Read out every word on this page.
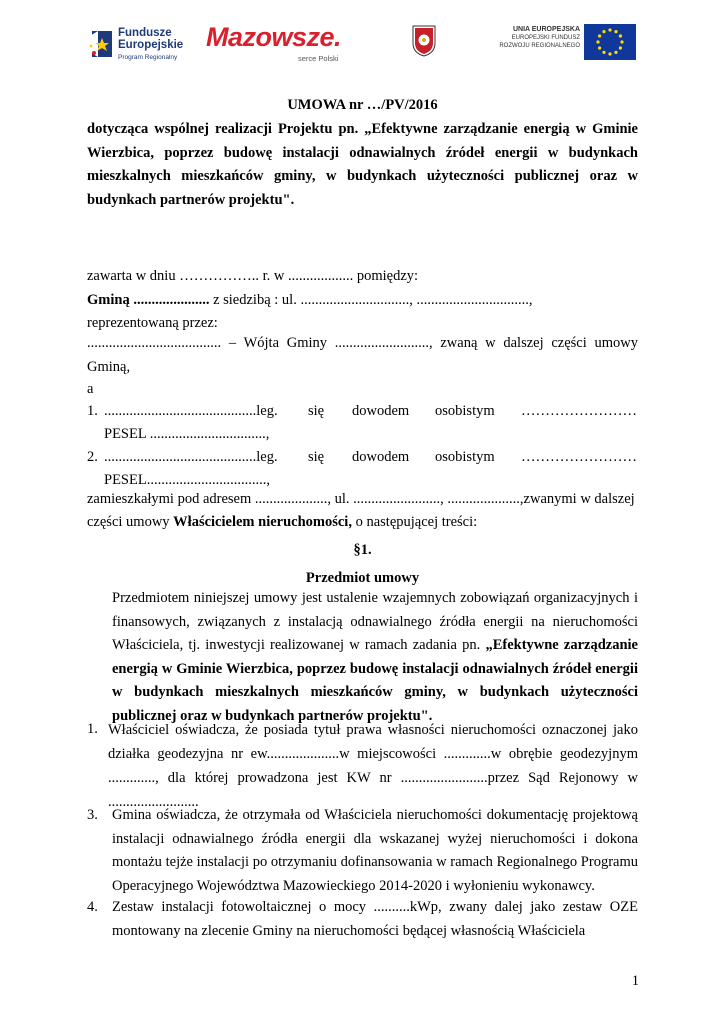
Fundusze
Europejskie
Program Regionalny
Mazowsze.
serce Polski
UNIA EUROPEJSKA
EUROPEJSKI FUNDUSZ
ROZWOJU REGIONALNEGO

UMOWA nr …/PV/2016

dotycząca wspólnej realizacji Projektu pn. „Efektywne zarządzanie energią w Gminie Wierzbica, poprzez budowę instalacji odnawialnych źródeł energii w budynkach mieszkalnych mieszkańców gminy, w budynkach użyteczności publicznej oraz w budynkach partnerów projektu".

zawarta w dniu …………….. r. w .................. pomiędzy:

Gminą ..................... z siedzibą : ul. .............................., ...............................,

reprezentowaną przez:

..................................... – Wójta Gminy .........................., zwaną w dalszej części umowy Gminą,

a

1. ..........................................leg. się dowodem osobistym ……………………
PESEL ................................,
2. ..........................................leg. się dowodem osobistym ……………………
PESEL.................................,

zamieszkałymi pod adresem ...................., ul. ........................, ....................,zwanymi w dalszej

części umowy Właścicielem nieruchomości, o następującej treści:

§1.

Przedmiot umowy

Przedmiotem niniejszej umowy jest ustalenie wzajemnych zobowiązań organizacyjnych i finansowych, związanych z instalacją odnawialnego źródła energii na nieruchomości Właściciela, tj. inwestycji realizowanej w ramach zadania pn. „Efektywne zarządzanie energią w Gminie Wierzbica, poprzez budowę instalacji odnawialnych źródeł energii w budynkach mieszkalnych mieszkańców gminy, w budynkach użyteczności publicznej oraz w budynkach partnerów projektu".

1. Właściciel oświadcza, że posiada tytuł prawa własności nieruchomości oznaczonej jako działka geodezyjna nr ew....................w miejscowości .............w obrębie geodezyjnym ............., dla której prowadzona jest KW nr ........................przez Sąd Rejonowy w .........................

3. Gmina oświadcza, że otrzymała od Właściciela nieruchomości dokumentację projektową instalacji odnawialnego źródła energii dla wskazanej wyżej nieruchomości i dokona montażu tejże instalacji po otrzymaniu dofinansowania w ramach Regionalnego Programu Operacyjnego Województwa Mazowieckiego 2014-2020 i wyłonieniu wykonawcy.

4. Zestaw instalacji fotowoltaicznej o mocy ..........kWp, zwany dalej jako zestaw OZE montowany na zlecenie Gminy na nieruchomości będącej własnością Właściciela

1
